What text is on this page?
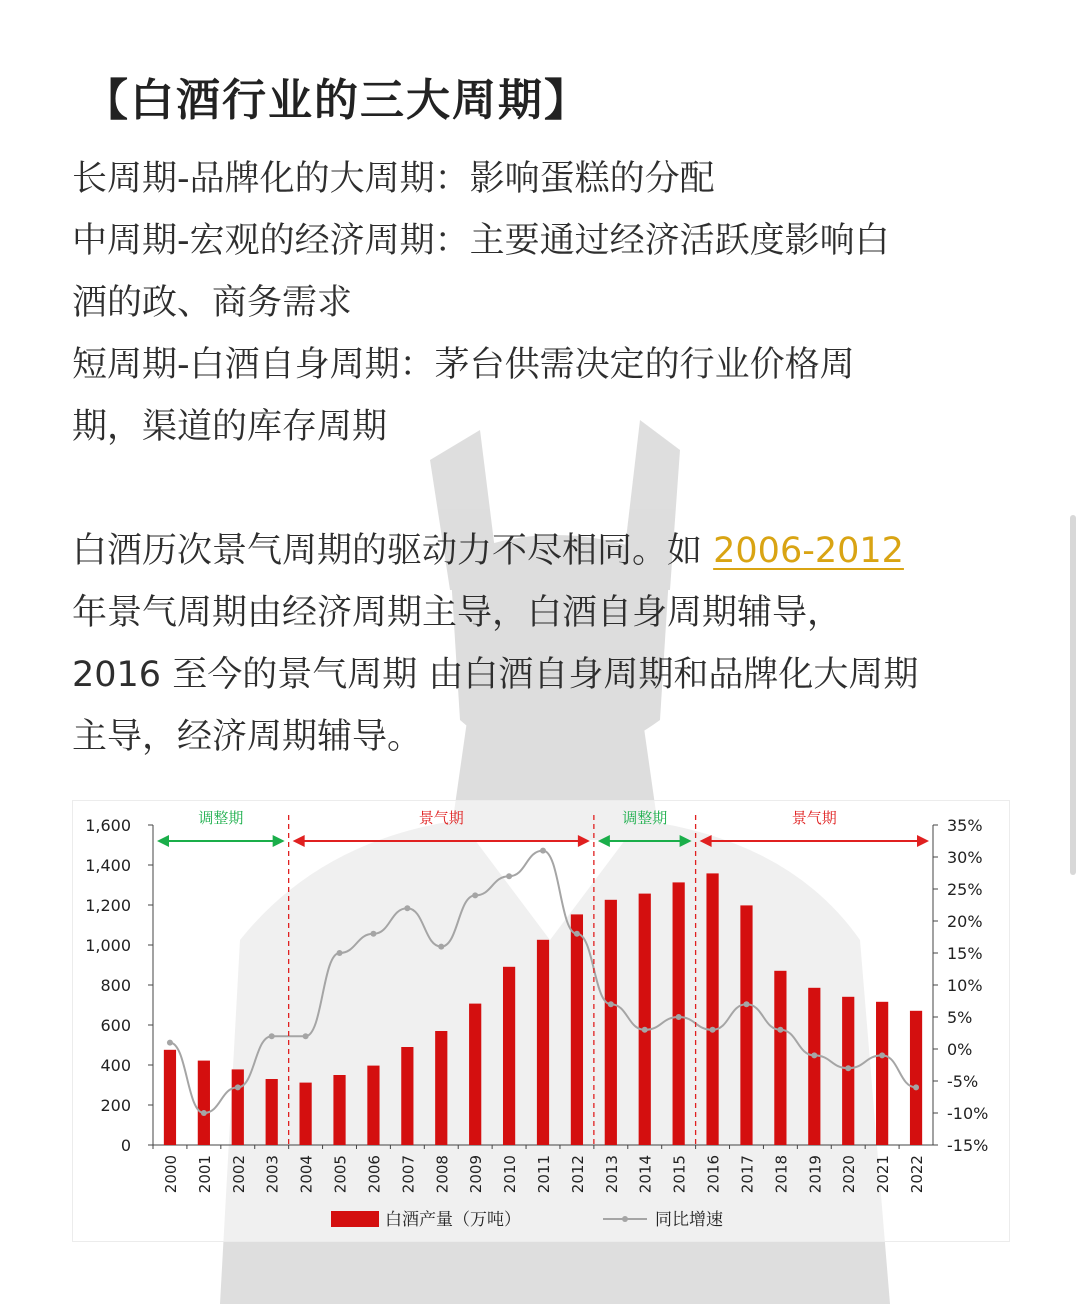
【白酒行业的三大周期】
长周期-品牌化的大周期：影响蛋糕的分配
中周期-宏观的经济周期：主要通过经济活跃度影响白
酒的政、商务需求
短周期-白酒自身周期：茅台供需决定的行业价格周
期，渠道的库存周期
白酒历次景气周期的驱动力不尽相同。如 2006-2012
年景气周期由经济周期主导，白酒自身周期辅导，
2016 至今的景气周期 由白酒自身周期和品牌化大周期
主导，经济周期辅导。
0
200
400
600
800
1,000
1,200
1,400
1,600
-15%
-10%
-5%
0%
5%
10%
15%
20%
25%
30%
35%
2000 2001 2002 2003 2004 2005 2006 2007 2008 2009 2010 2011 2012 2013 2014 2015 2016 2017 2018 2019 2020 2021 2022
调整期	景气期	调整期	景气期
白酒产量（万吨）	同比增速
